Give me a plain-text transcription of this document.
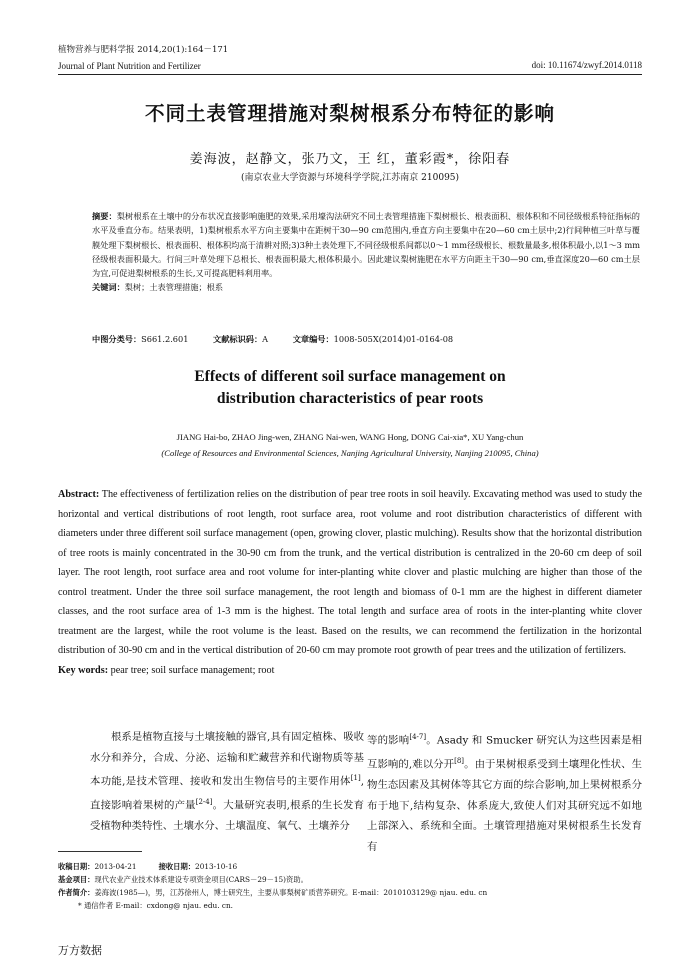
植物营养与肥料学报 2014,20(1):164－171
Journal of Plant Nutrition and Fertilizer	doi: 10.11674/zwyf.2014.0118
不同土表管理措施对梨树根系分布特征的影响
姜海波，赵静文，张乃文，王 红，董彩霞*，徐阳春
(南京农业大学资源与环境科学学院,江苏南京 210095)
摘要：梨树根系在土壤中的分布状况直接影响施肥的效果,采用壕沟法研究不同土表管理措施下梨树根长、根表面积、根体积和不同径级根系特征指标的水平及垂直分布。结果表明，1)梨树根系水平方向主要集中在距树干30—90 cm范围内,垂直方向主要集中在20—60 cm土层中;2)行间种植三叶草与覆膜处理下梨树根长、根表面积、根体积均高于清耕对照;3)3种土表处理下,不同径级根系间都以0～1 mm径级根长、根数量最多,根体积最小,以1～3 mm径级根表面积最大。行间三叶草处理下总根长、根表面积最大,根体积最小。因此建议梨树施肥在水平方向距主干30—90 cm,垂直深度20—60 cm土层为宜,可促进梨树根系的生长,又可提高肥料利用率。
关键词：梨树；土表管理措施；根系
中图分类号：S661.2.601	文献标识码：A	文章编号：1008-505X(2014)01-0164-08
Effects of different soil surface management on
distribution characteristics of pear roots
JIANG Hai-bo, ZHAO Jing-wen, ZHANG Nai-wen, WANG Hong, DONG Cai-xia*, XU Yang-chun
(College of Resources and Environmental Sciences, Nanjing Agricultural University, Nanjing 210095, China)
Abstract: The effectiveness of fertilization relies on the distribution of pear tree roots in soil heavily. Excavating method was used to study the horizontal and vertical distributions of root length, root surface area, root volume and root distribution characteristics of different with diameters under three different soil surface management (open, growing clover, plastic mulching). Results show that the horizontal distribution of tree roots is mainly concentrated in the 30-90 cm from the trunk, and the vertical distribution is centralized in the 20-60 cm deep of soil layer. The root length, root surface area and root volume for inter-planting white clover and plastic mulching are higher than those of the control treatment. Under the three soil surface management, the root length and biomass of 0-1 mm are the highest in different diameter classes, and the root surface area of 1-3 mm is the highest. The total length and surface area of roots in the inter-planting white clover treatment are the largest, while the root volume is the least. Based on the results, we can recommend the fertilization in the horizontal distribution of 30-90 cm and in the vertical distribution of 20-60 cm may promote root growth of pear trees and the utilization of fertilizers.
Key words: pear tree; soil surface management; root
根系是植物直接与土壤接触的器官,具有固定植株、吸收水分和养分，合成、分泌、运输和贮藏营养和代谢物质等基本功能,是技术管理、接收和发出生物信号的主要作用体[1],直接影响着果树的产量[2-4]。大量研究表明,根系的生长发育受植物种类特性、土壤水分、土壤温度、氧气、土壤养分
等的影响[4-7]。Asady 和 Smucker 研究认为这些因素是相互影响的,难以分开[8]。由于果树根系受到土壤理化性状、生物生态因素及其树体等其它方面的综合影响,加上果树根系分布于地下,结构复杂、体系庞大,致使人们对其研究远不如地上部深入、系统和全面。土壤管理措施对果树根系生长发育有
收稿日期：2013-04-21	接收日期：2013-10-16
基金项目：现代农业产业技术体系建设专项资金项目(CARS－29－15)资助。
作者简介：姜海波(1985—)，男，江苏徐州人，博士研究生，主要从事梨树矿质营养研究。E-mail：2010103129@ njau. edu. cn
* 通信作者 E-mail：cxdong@ njau. edu. cn.
万方数据
